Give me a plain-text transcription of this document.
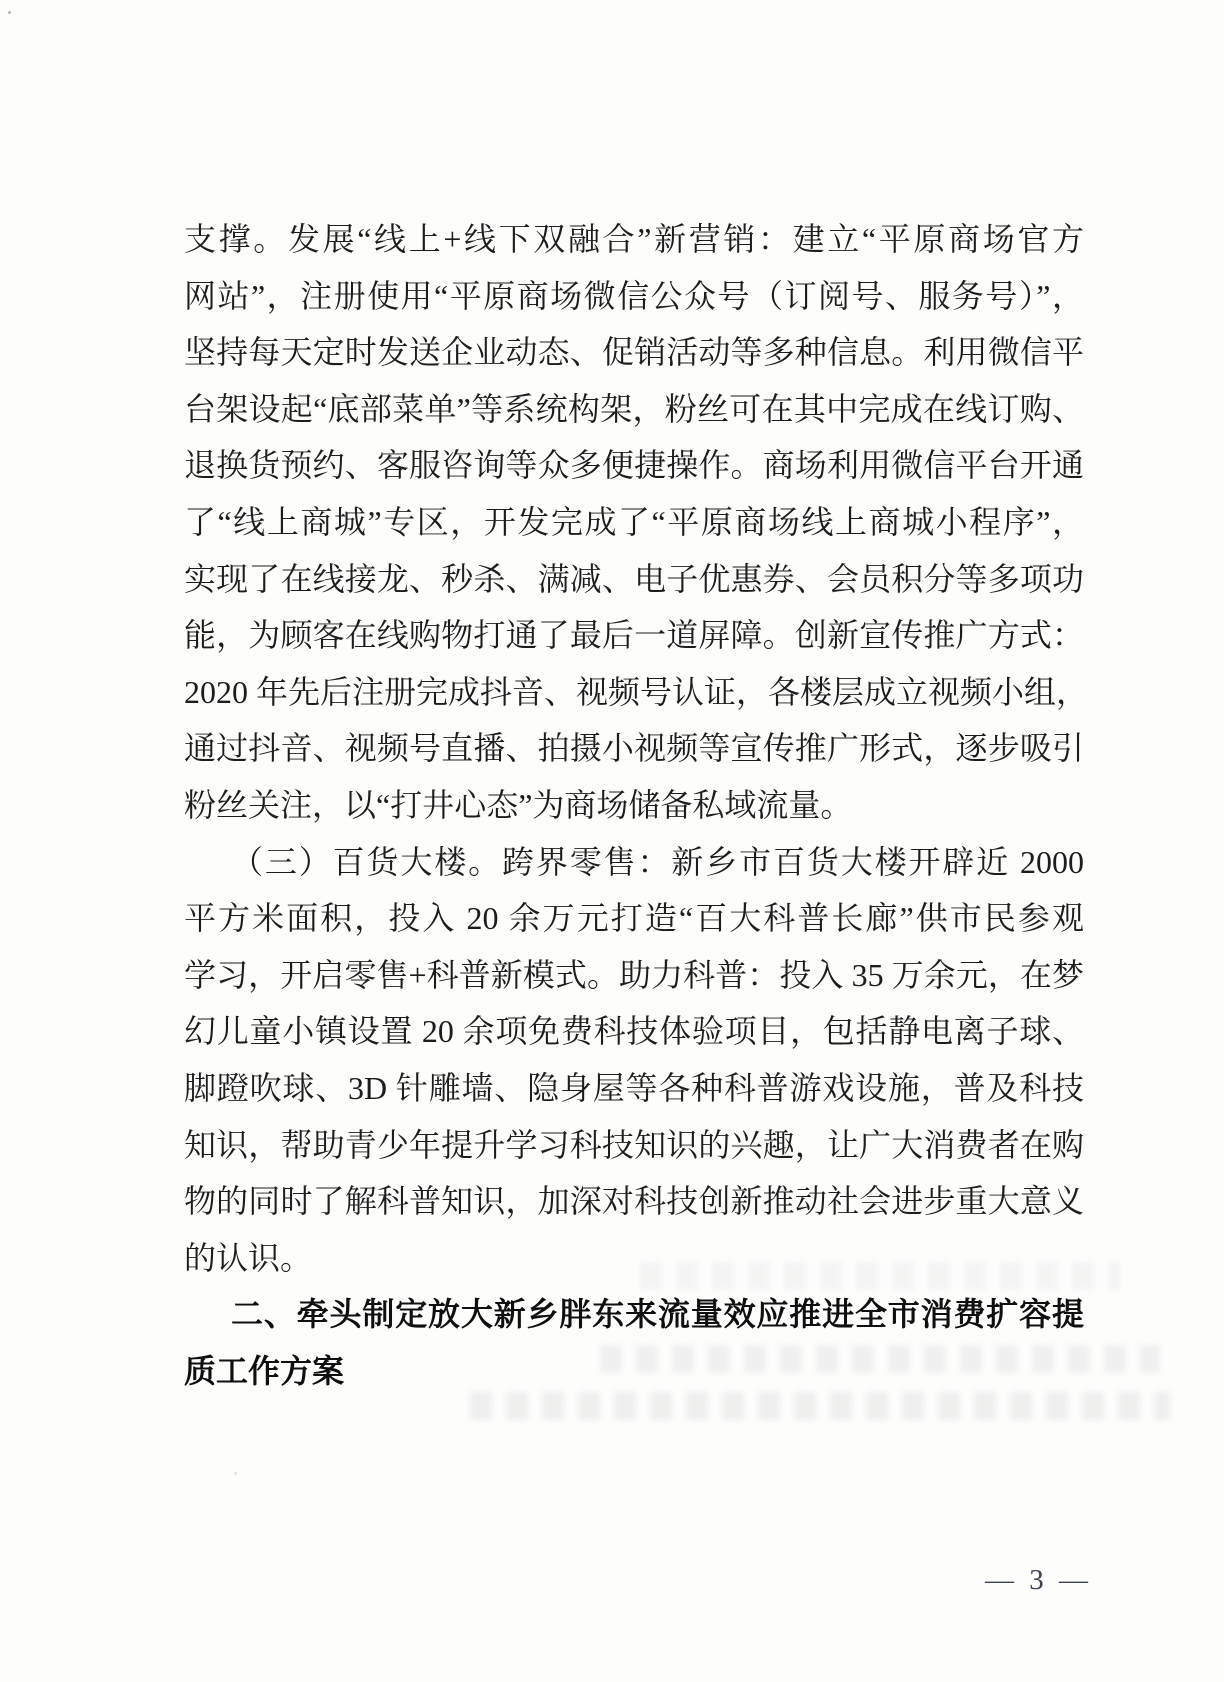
支撑。发展“线上+线下双融合”新营销：建立“平原商场官方
网站”，注册使用“平原商场微信公众号（订阅号、服务号）”，
坚持每天定时发送企业动态、促销活动等多种信息。利用微信平
台架设起“底部菜单”等系统构架，粉丝可在其中完成在线订购、
退换货预约、客服咨询等众多便捷操作。商场利用微信平台开通
了“线上商城”专区，开发完成了“平原商场线上商城小程序”，
实现了在线接龙、秒杀、满减、电子优惠券、会员积分等多项功
能，为顾客在线购物打通了最后一道屏障。创新宣传推广方式：
2020 年先后注册完成抖音、视频号认证，各楼层成立视频小组，
通过抖音、视频号直播、拍摄小视频等宣传推广形式，逐步吸引
粉丝关注，以“打井心态”为商场储备私域流量。
（三）百货大楼。跨界零售：新乡市百货大楼开辟近 2000
平方米面积，投入 20 余万元打造“百大科普长廊”供市民参观
学习，开启零售+科普新模式。助力科普：投入 35 万余元，在梦
幻儿童小镇设置 20 余项免费科技体验项目，包括静电离子球、
脚蹬吹球、3D 针雕墙、隐身屋等各种科普游戏设施，普及科技
知识，帮助青少年提升学习科技知识的兴趣，让广大消费者在购
物的同时了解科普知识，加深对科技创新推动社会进步重大意义
的认识。
二、牵头制定放大新乡胖东来流量效应推进全市消费扩容提
质工作方案
— 3 —
